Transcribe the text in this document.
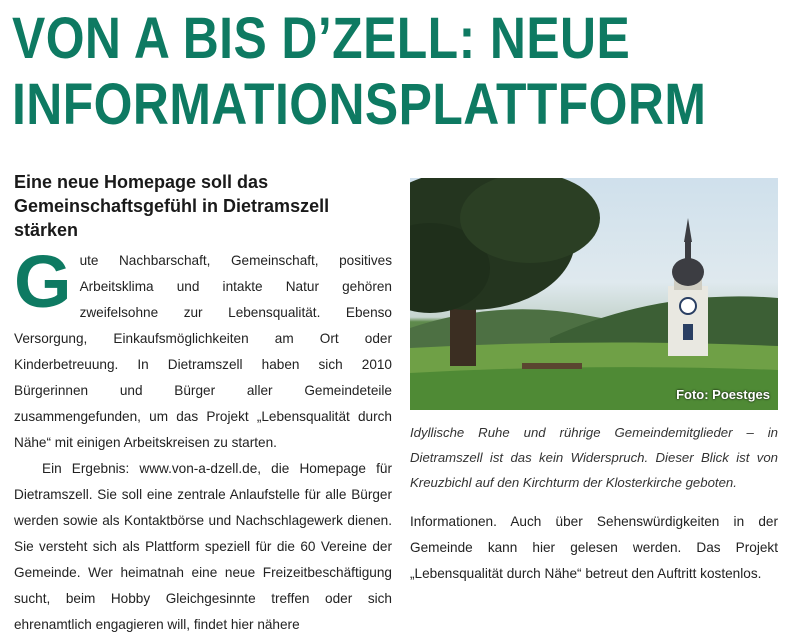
VON A BIS D’ZELL: NEUE
INFORMATIONSPLATTFORM
Eine neue Homepage soll das Gemeinschaftsgefühl in Dietramszell stärken

Gute Nachbarschaft, Gemeinschaft, positives Arbeitsklima und intakte Natur gehören zweifelsohne zur Lebensqualität. Ebenso Versorgung, Einkaufsmöglichkeiten am Ort oder Kinderbetreuung. In Dietramszell haben sich 2010 Bürgerinnen und Bürger aller Gemeindeteile zusammengefunden, um das Projekt „Lebensqualität durch Nähe“ mit einigen Arbeitskreisen zu starten.

Ein Ergebnis: www.von-a-dzell.de, die Homepage für Dietramszell. Sie soll eine zentrale Anlaufstelle für alle Bürger werden sowie als Kontaktbörse und Nachschlagewerk dienen. Sie versteht sich als Plattform speziell für die 60 Vereine der Gemeinde. Wer heimatnah eine neue Freizeitbeschäftigung sucht, beim Hobby Gleichgesinnte treffen oder sich ehrenamtlich engagieren will, findet hier nähere

Foto: Poestges

Idyllische Ruhe und rührige Gemeindemitglieder – in Dietramszell ist das kein Widerspruch. Dieser Blick ist von Kreuzbichl auf den Kirchturm der Klosterkirche geboten.

Informationen. Auch über Sehenswürdigkeiten in der Gemeinde kann hier gelesen werden. Das Projekt „Lebensqualität durch Nähe“ betreut den Auftritt kostenlos.
